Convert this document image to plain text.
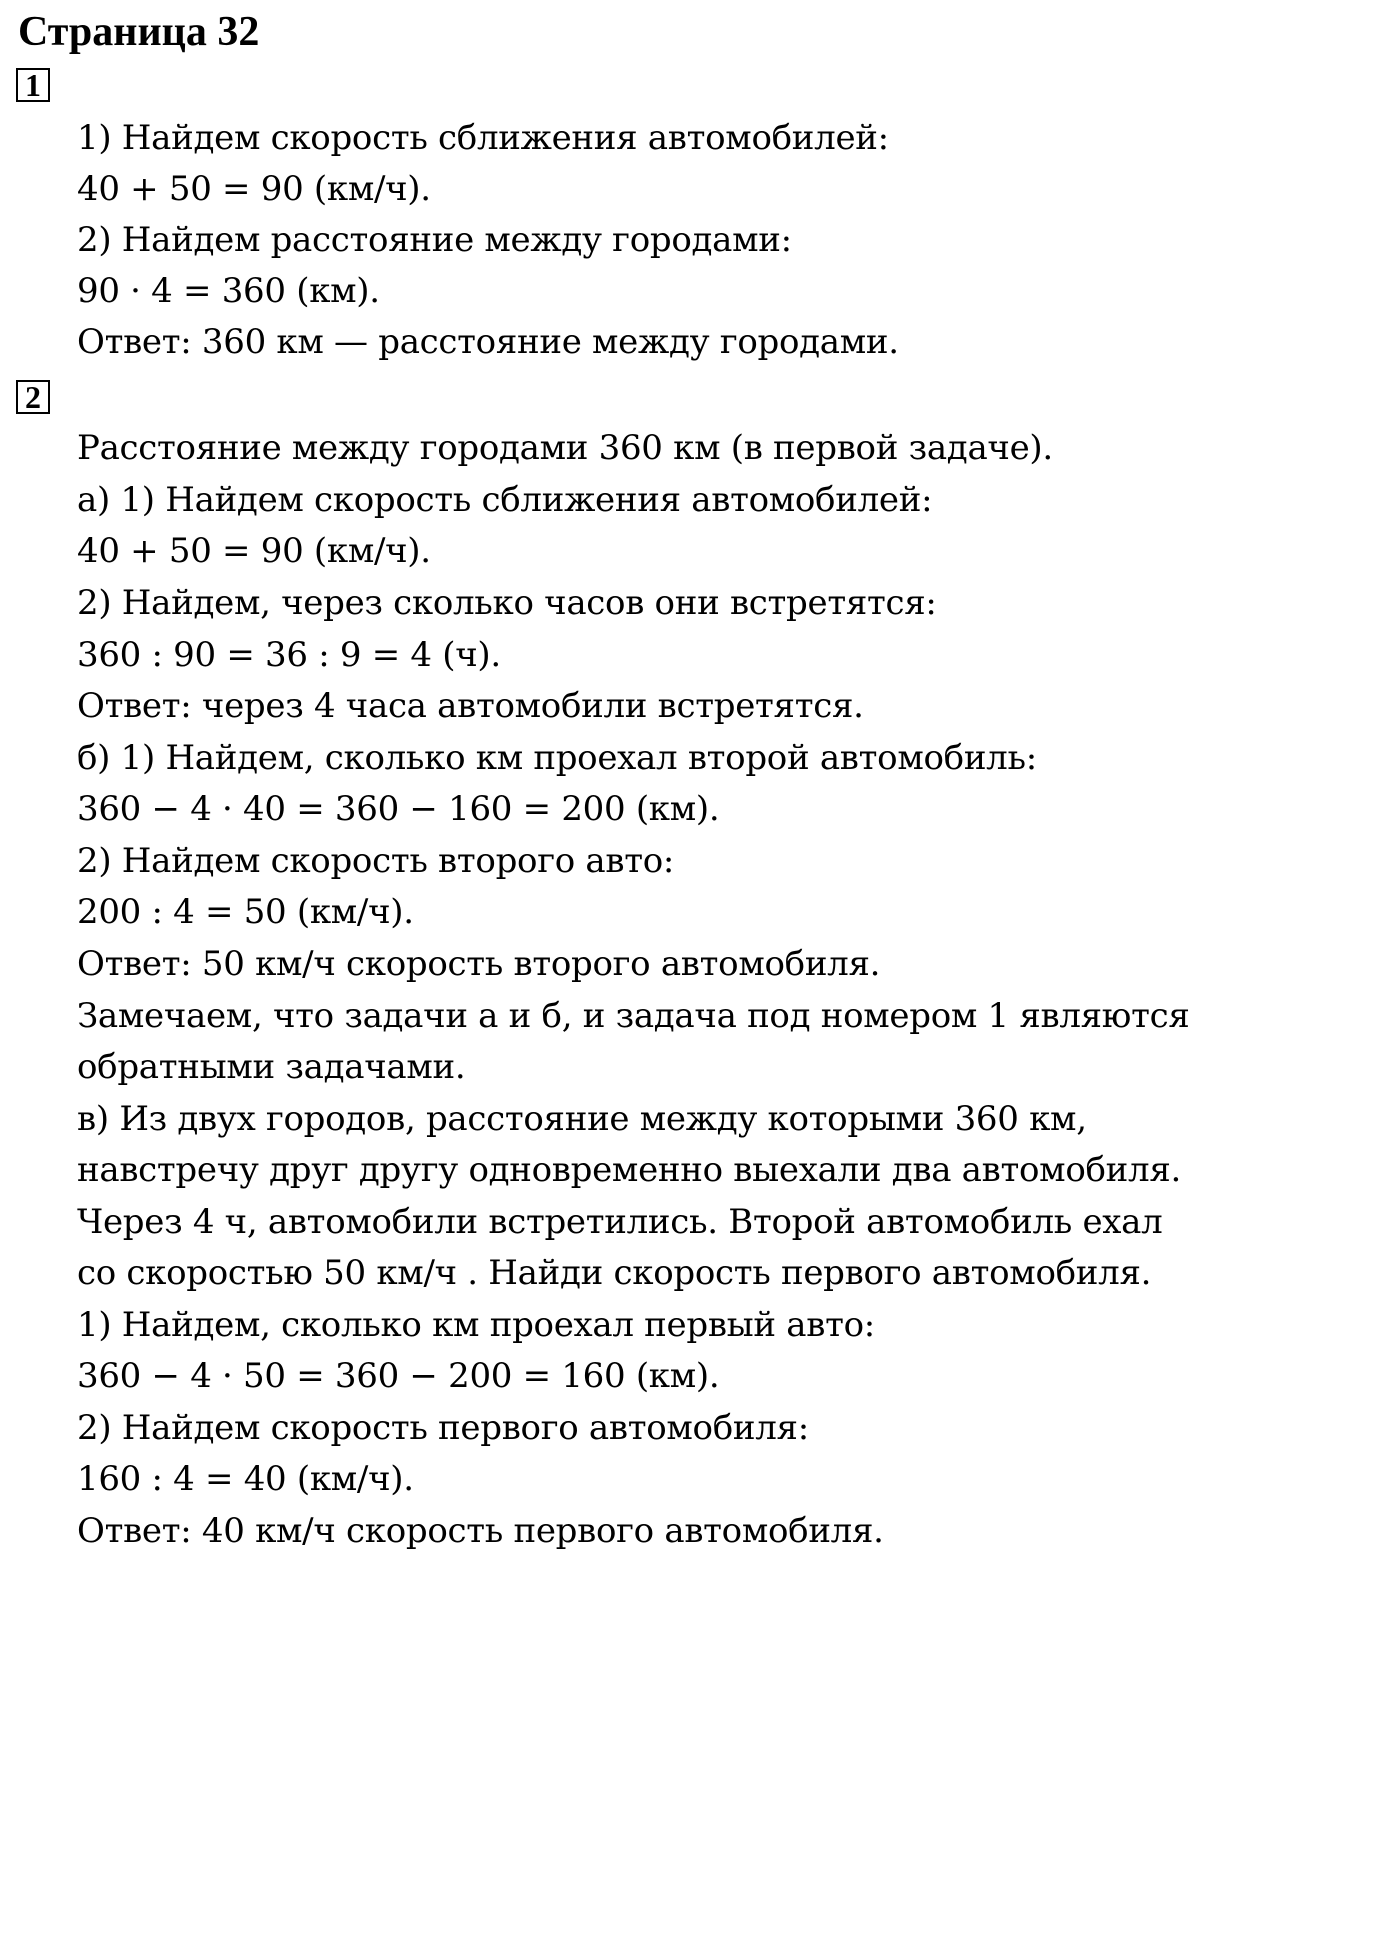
Страница 32
1

1) Найдем скорость сближения автомобилей:

40 + 50 = 90 (км/ч).

2) Найдем расстояние между городами:

90 · 4 = 360 (км).

Ответ: 360 км — расстояние между городами.

2

Расстояние между городами 360 км (в первой задаче).

а) 1) Найдем скорость сближения автомобилей:

40 + 50 = 90 (км/ч).

2) Найдем, через сколько часов они встретятся:

360 : 90 = 36 : 9 = 4 (ч).

Ответ: через 4 часа автомобили встретятся.

б) 1) Найдем, сколько км проехал второй автомобиль:

360 − 4 · 40 = 360 − 160 = 200 (км).

2) Найдем скорость второго авто:

200 : 4 = 50 (км/ч).

Ответ: 50 км/ч скорость второго автомобиля.

Замечаем, что задачи а и б, и задача под номером 1 являются

обратными задачами.

в) Из двух городов, расстояние между которыми 360 км,

навстречу друг другу одновременно выехали два автомобиля.

Через 4 ч, автомобили встретились. Второй автомобиль ехал

со скоростью 50 км/ч . Найди скорость первого автомобиля.

1) Найдем, сколько км проехал первый авто:

360 − 4 · 50 = 360 − 200 = 160 (км).

2) Найдем скорость первого автомобиля:

160 : 4 = 40 (км/ч).

Ответ: 40 км/ч скорость первого автомобиля.
